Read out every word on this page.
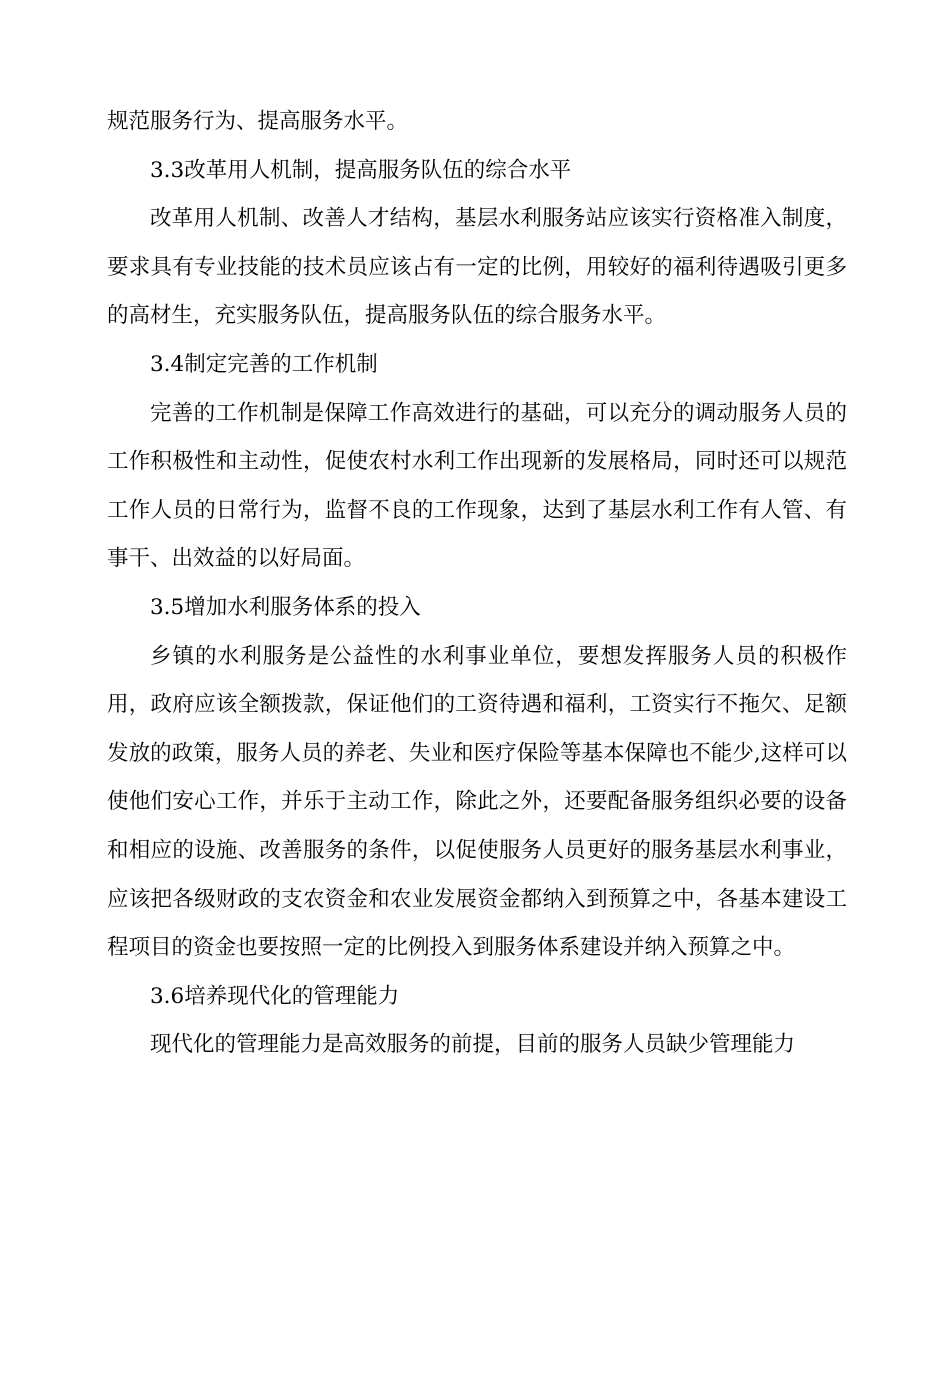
规范服务行为、提高服务水平。

3.3改革用人机制，提高服务队伍的综合水平

改革用人机制、改善人才结构，基层水利服务站应该实行资格准入制度，要求具有专业技能的技术员应该占有一定的比例，用较好的福利待遇吸引更多的高材生，充实服务队伍，提高服务队伍的综合服务水平。

3.4制定完善的工作机制

完善的工作机制是保障工作高效进行的基础，可以充分的调动服务人员的工作积极性和主动性，促使农村水利工作出现新的发展格局，同时还可以规范工作人员的日常行为，监督不良的工作现象，达到了基层水利工作有人管、有事干、出效益的以好局面。

3.5增加水利服务体系的投入

乡镇的水利服务是公益性的水利事业单位，要想发挥服务人员的积极作用，政府应该全额拨款，保证他们的工资待遇和福利，工资实行不拖欠、足额发放的政策，服务人员的养老、失业和医疗保险等基本保障也不能少,这样可以使他们安心工作，并乐于主动工作，除此之外，还要配备服务组织必要的设备和相应的设施、改善服务的条件，以促使服务人员更好的服务基层水利事业，应该把各级财政的支农资金和农业发展资金都纳入到预算之中，各基本建设工程项目的资金也要按照一定的比例投入到服务体系建设并纳入预算之中。

3.6培养现代化的管理能力

现代化的管理能力是高效服务的前提，目前的服务人员缺少管理能力
